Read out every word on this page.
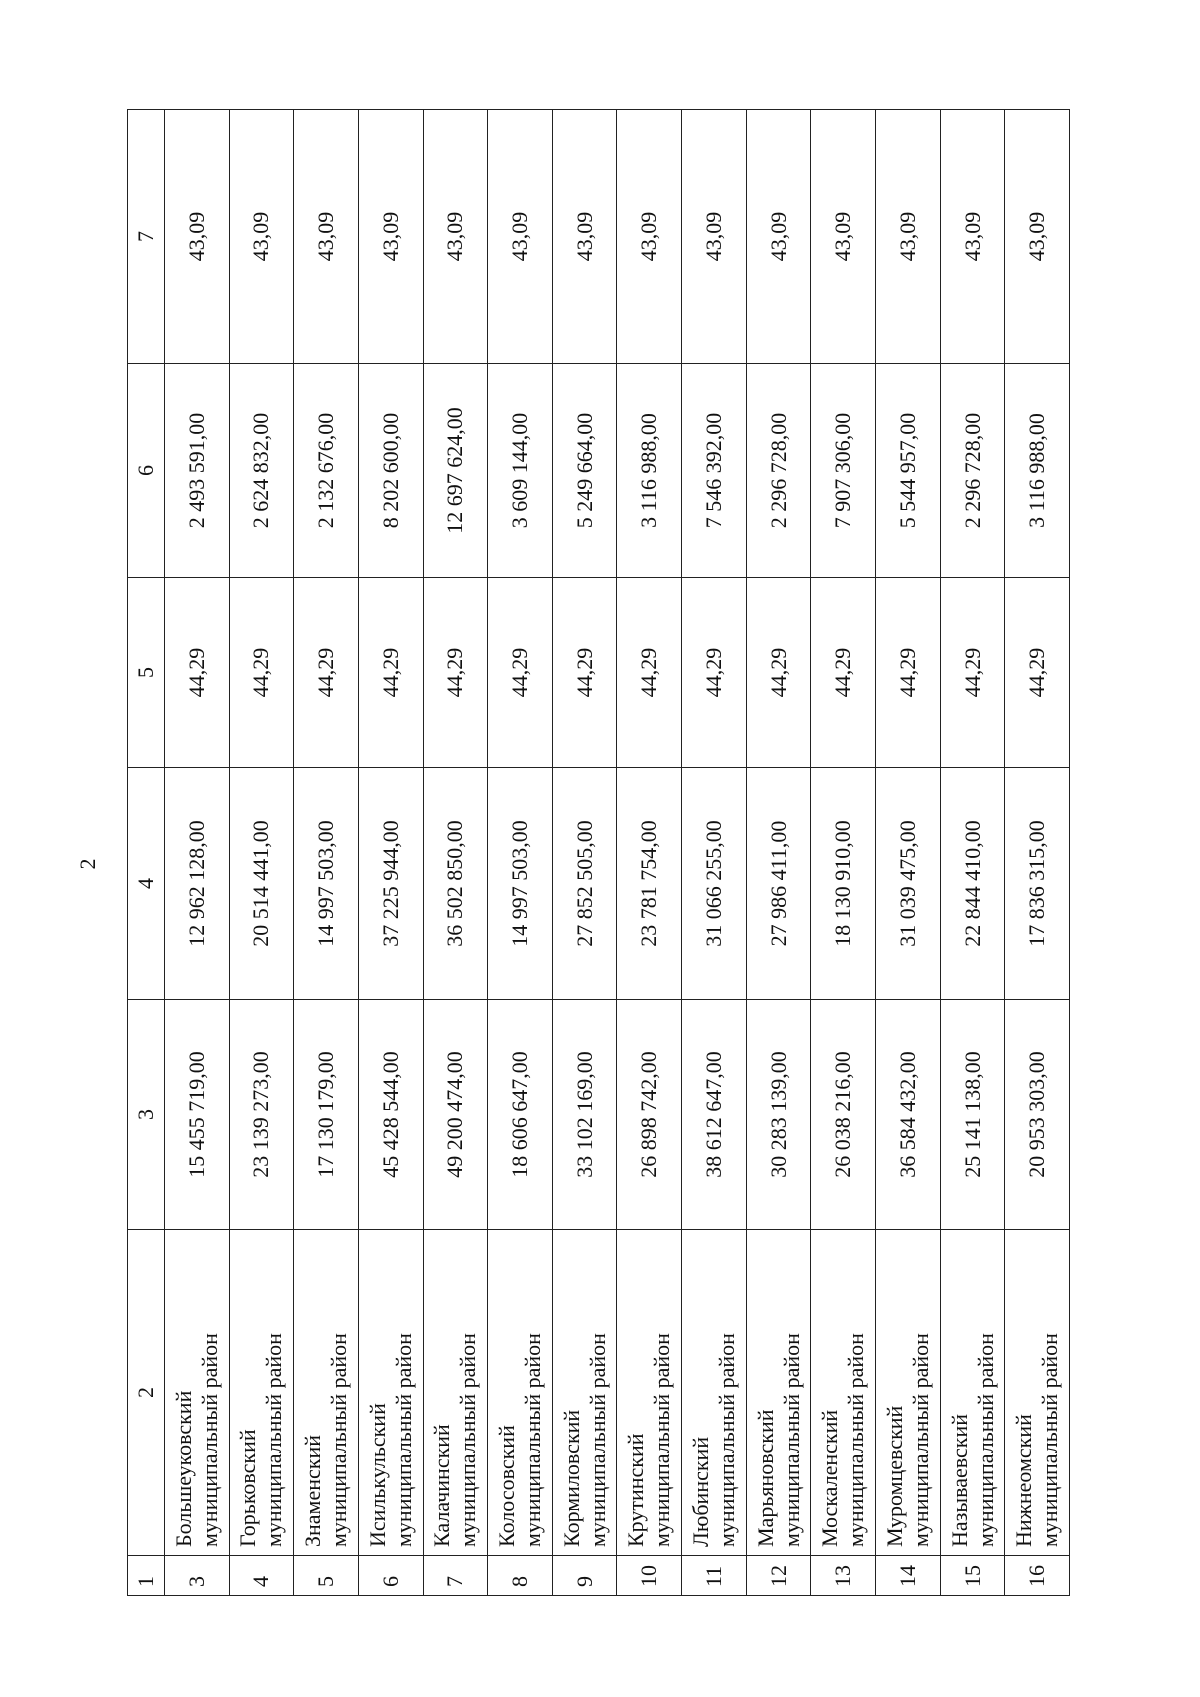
2
1	2	3	4	5	6	7
3	Большеуковский муниципальный район	15 455 719,00	12 962 128,00	44,29	2 493 591,00	43,09
4	Горьковский муниципальный район	23 139 273,00	20 514 441,00	44,29	2 624 832,00	43,09
5	Знаменский муниципальный район	17 130 179,00	14 997 503,00	44,29	2 132 676,00	43,09
6	Исилькульский муниципальный район	45 428 544,00	37 225 944,00	44,29	8 202 600,00	43,09
7	Калачинский муниципальный район	49 200 474,00	36 502 850,00	44,29	12 697 624,00	43,09
8	Колосовский муниципальный район	18 606 647,00	14 997 503,00	44,29	3 609 144,00	43,09
9	Кормиловский муниципальный район	33 102 169,00	27 852 505,00	44,29	5 249 664,00	43,09
10	Крутинский муниципальный район	26 898 742,00	23 781 754,00	44,29	3 116 988,00	43,09
11	Любинский муниципальный район	38 612 647,00	31 066 255,00	44,29	7 546 392,00	43,09
12	Марьяновский муниципальный район	30 283 139,00	27 986 411,00	44,29	2 296 728,00	43,09
13	Москаленский муниципальный район	26 038 216,00	18 130 910,00	44,29	7 907 306,00	43,09
14	Муромцевский муниципальный район	36 584 432,00	31 039 475,00	44,29	5 544 957,00	43,09
15	Называевский муниципальный район	25 141 138,00	22 844 410,00	44,29	2 296 728,00	43,09
16	Нижнеомский муниципальный район	20 953 303,00	17 836 315,00	44,29	3 116 988,00	43,09
